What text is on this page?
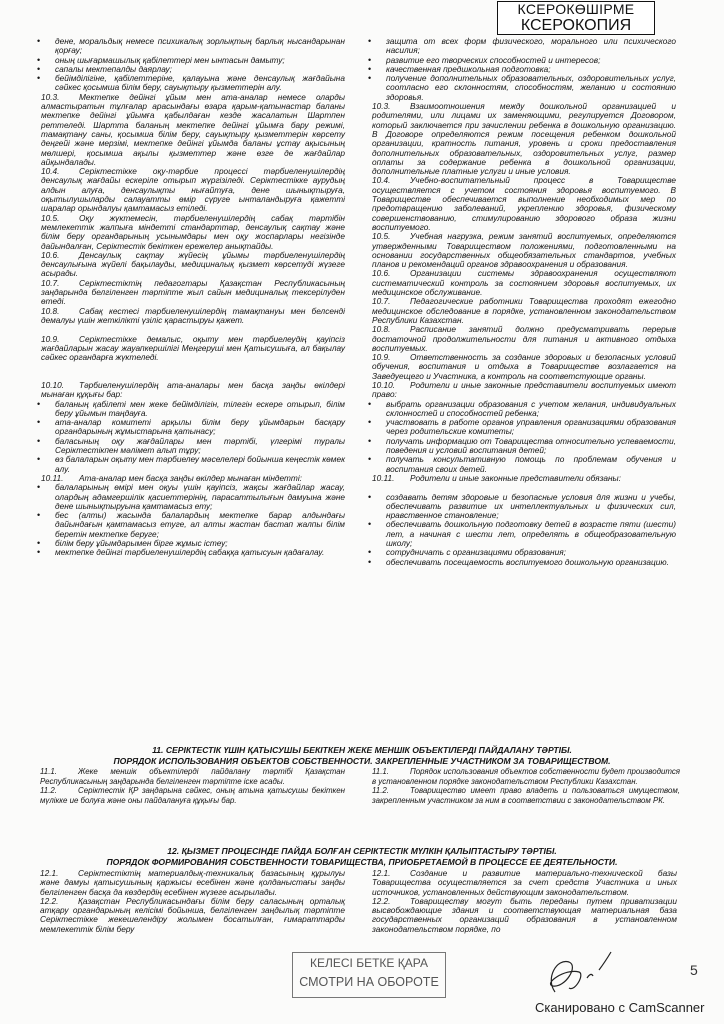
• дене, моральдық немесе психикалық зорлықтың барлық нысандарынан қорғау;
• оның шығармашылық қабілеттері мен ынтасын дамыту;
• сапалы мектепалды даярлау;
• бейімділігіне, қабілеттеріне, қалауына және денсаулық жағдайына сәйкес қосымша білім беру, сауықтыру қызметтерін алу.
10.3. Мектепке дейінгі ұйым мен ата-аналар немесе оларды алмастыратын тұлғалар арасындағы өзара қарым-қатынастар баланы мектепке дейінгі ұйымға қабылдаған кезде жасалатын Шартпен реттеледі. Шартта баланың мектепке дейінгі ұйымға бару режимі, тамақтану саны, қосымша білім беру, сауықтыру қызметтерін көрсету деңгейі және мерзімі, мектепке дейінгі ұйымда баланы ұстау ақысының мөлшері, қосымша ақылы қызметтер және өзге де жағдайлар айқындалады.
10.4. Серіктестікке оқу-тәрбие процессі тәрбиеленушілердің денсаулық жағдайы ескеріле отырып жүргізіледі. Серіктестікке аурудың алдын алуға, денсаулықты нығайтуға, дене шынықтыруға, оқытылушыларды салауатты өмір сүруге ынталандыруға қажетті шаралар орындалуы қамтамасыз етіледі.
10.5. Оқу жүктемесін, тәрбиеленушілердің сабақ тәртібін мемлекеттік жалпыға міндетті стандарттар, денсаулық сақтау және білім беру органдарының усынымдары мен оқу жоспарлары негізінде дайындалған, Серіктестік бекіткен ережелер анықтайды.
10.6. Денсаулық сақтау жүйесің ұйымы тәрбиеленушілердің денсаулығына жүйелі бақылауды, медициналық қызмет көрсетуді жүзеге асырады.
10.7. Серіктестіктің педагогтары Қазақстан Республикасының заңдарында белгіленген тәртіпте жыл сайын медициналық тексерілуден өтеді.
10.8. Сабақ кестесі тәрбиеленушілердің тамақтануы мен белсенді демалуы үшін жеткілікті үзіліс қарастыруы қажет.
10.9. Серіктестікке демалыс, оқыту мен тәрбиелеудің қауіпсіз жағдайларын жасау жауапкершілігі Меңгеруші мен Қатысушыға, ал бақылау сәйкес органдарға жүктеледі.
10.10. Тәрбиеленушілердің ата-аналары мен басқа заңды өкілдері мынаған құқығы бар:
• баланың қабілеті мен жеке бейімділігін, тілегін ескере отырып, білім беру ұйымын таңдауға.
• ата-аналар комитеті арқылы білім беру ұйымдарын басқару органдарының жұмыстарына қатынасу;
• баласының оқу жағдайлары мен тәртібі, үлгерімі туралы Серіктестікпен мәлімет алып тұру;
• өз балаларын оқыту мен тәрбиелеу мәселелері бойынша кеңестік көмек алу.
10.11. Ата-аналар мен басқа заңды өкілдер мынаған міндетті:
• балаларының өмірі мен оқуы үшін қауіпсіз, жақсы жағдайлар жасау, олардың адамгершілік қасиеттерінің, парасаттылығын дамуына және дене шынықтыруына қамтамасыз ету;
• бес (алты) жасында балалардың мектепке барар алдындағы дайындағын қамтамасыз етуге, ал алты жастан бастап жалпы білім беретін мектепке беруге;
• білім беру ұйымдарымен бірге жұмыс істеу;
• мектепке дейінгі тәрбиеленушілердің сабаққа қатысуын қадағалау.
• защита от всех форм физического, морального или психического насилия;
• развитие его творческих способностей и интересов;
• качественная предшкольная подготовка;
• получение дополнительных образовательных, оздоровительных услуг, соотласно его склонностям, способностям, желанию и состоянию здоровья.
10.3. Взаимоотношения между дошкольной организацией и родителями, или лицами их заменяющими, регулируется Договором, который заключается при зачислении ребенка в дошкольную организацию. В Договоре определяются режим посещения ребенком дошкольной организации, кратность питания, уровень и сроки предоставления дополнительных образовательных, оздоровительных услуг, размер оплаты за содержание ребенка в дошкольной организации, дополнительные платные услуги и иные условия.
10.4. Учебно-воспитательный процесс в Товариществе осуществляется с учетом состояния здоровья воспитуемого. В Товариществе обеспечивается выполнение необходимых мер по предотвращению заболеваний, укреплению здоровья, физическому совершенствованию, стимулированию здорового образа жизни воспитуемого.
10.5. Учебная нагрузка, режим занятий воспитуемых, определяются утвержденными Товариществом положениями, подготовленными на основании государственных общеобязательных стандартов, учебных планов и рекомендаций органов здравоохранения и образования.
10.6. Организации системы здравоохранения осуществляют систематический контроль за состоянием здоровья воспитуемых, их медицинское обслуживание.
10.7. Педагогические работники Товарищества проходят ежегодно медицинское обследование в порядке, установленном законодательством Республики Казахстан.
10.8. Расписание занятий должно предусматривать перерыв достаточной продолжительности для питания и активного отдыха воспитуемых.
10.9. Ответственность за создание здоровых и безопасных условий обучения, воспитания и отдыха в Товариществе возлагается на Заведуещего и Участника, а контроль на соответстующие органы.
10.10. Родители и иные законные представители воспитуемых имеют право:
• выбрать организации образования с учетом желания, индивидуальных склонностей и способностей ребенка;
• участвовать в работе органов управления организациями образования через родительские комитеты;
• получать информацию от Товарищества относительно успеваемости, поведения и условий воспитания детей;
• получать консультативную помощь по проблемам обучения и воспитания своих детей.
10.11. Родители и иные законные представители обязаны:
• создавать детям здоровые и безопасные условия для жизни и учебы, обеспечивать развитие их интеллектуальных и физических сил, нравственное становление;
• обеспечивать дошкольную подготовку детей в возрасте пяти (шести) лет, а начиная с шести лет, определять в общеобразовательную школу;
• сотрудничать с организациями образования;
• обеспечивать посещаемость воспитуемого дошкольную организацию.
11. СЕРІКТЕСТІК ҮШІН ҚАТЫСУШЫ БЕКІТКЕН ЖЕКЕ МЕНШІК ОБЪЕКТІЛЕРДІ ПАЙДАЛАНУ ТӘРТІБІ.
ПОРЯДОК ИСПОЛЬЗОВАНИЯ ОБЪЕКТОВ СОБСТВЕННОСТИ. ЗАКРЕПЛЕННЫЕ УЧАСТНИКОМ ЗА ТОВАРИЩЕСТВОМ.
11.1.	Жеке меншік объектілерді пайдалану тәртібі Қазақстан Республикасының заңдарында белгіленген тәртіпте іске асады.
11.2.	Серіктестік ҚР заңдарына сәйкес, оның атына қатысушы бекіткен мүлікке ие болуға және оны пайдалануға құқығы бар.
11.1.	Порядок использования объектов собственности будет производится в установленном порядке законодательством Республики Казахстан.
11.2.	Товарищество имеет право владеть и пользоваться имуществом, закрепленным участником за ним в соответствии с законодательством РК.
12. ҚЫЗМЕТ ПРОЦЕСІНДЕ ПАЙДА БОЛҒАН СЕРІКТЕСТІК МҮЛКІН ҚАЛЫПТАСТЫРУ ТӘРТІБІ.
ПОРЯДОК ФОРМИРОВАНИЯ СОБСТВЕННОСТИ ТОВАРИЩЕСТВА, ПРИОБРЕТАЕМОЙ В ПРОЦЕССЕ ЕЕ ДЕЯТЕЛЬНОСТИ.
12.1. Серіктестіктің материалдық-техникалық базасының құрылуы және дамуы қатысушының қаржысы есебінен және қолданыстағы заңды белгіленген басқа да көздердің есебінен жүзеге асырылады.
12.2. Қазақстан Республикасындағы білім беру саласының орталық атқару органдарының келісімі бойынша, белгіленген заңдылық тәртіпте Серіктестікке жекешелендіру жолымен босатылған, ғимараттарды мемлекеттік білім беру
12.1. Создание и развитие материально-технической базы Товарищества осуществляется за счет средств Участника и иных источников, установленных действующим законодательством.
12.2. Товариществу могут быть переданы путем приватизации высвобождающие здания и соответствующая материальная база государственных организаций образования в установленном законодательством порядке, по
КСЕРОКӨШІРМЕ
КСЕРОКОПИЯ
КЕЛЕСІ БЕТКЕ ҚАРА
СМОТРИ НА ОБОРОТЕ
5
Сканировано с CamScanner
